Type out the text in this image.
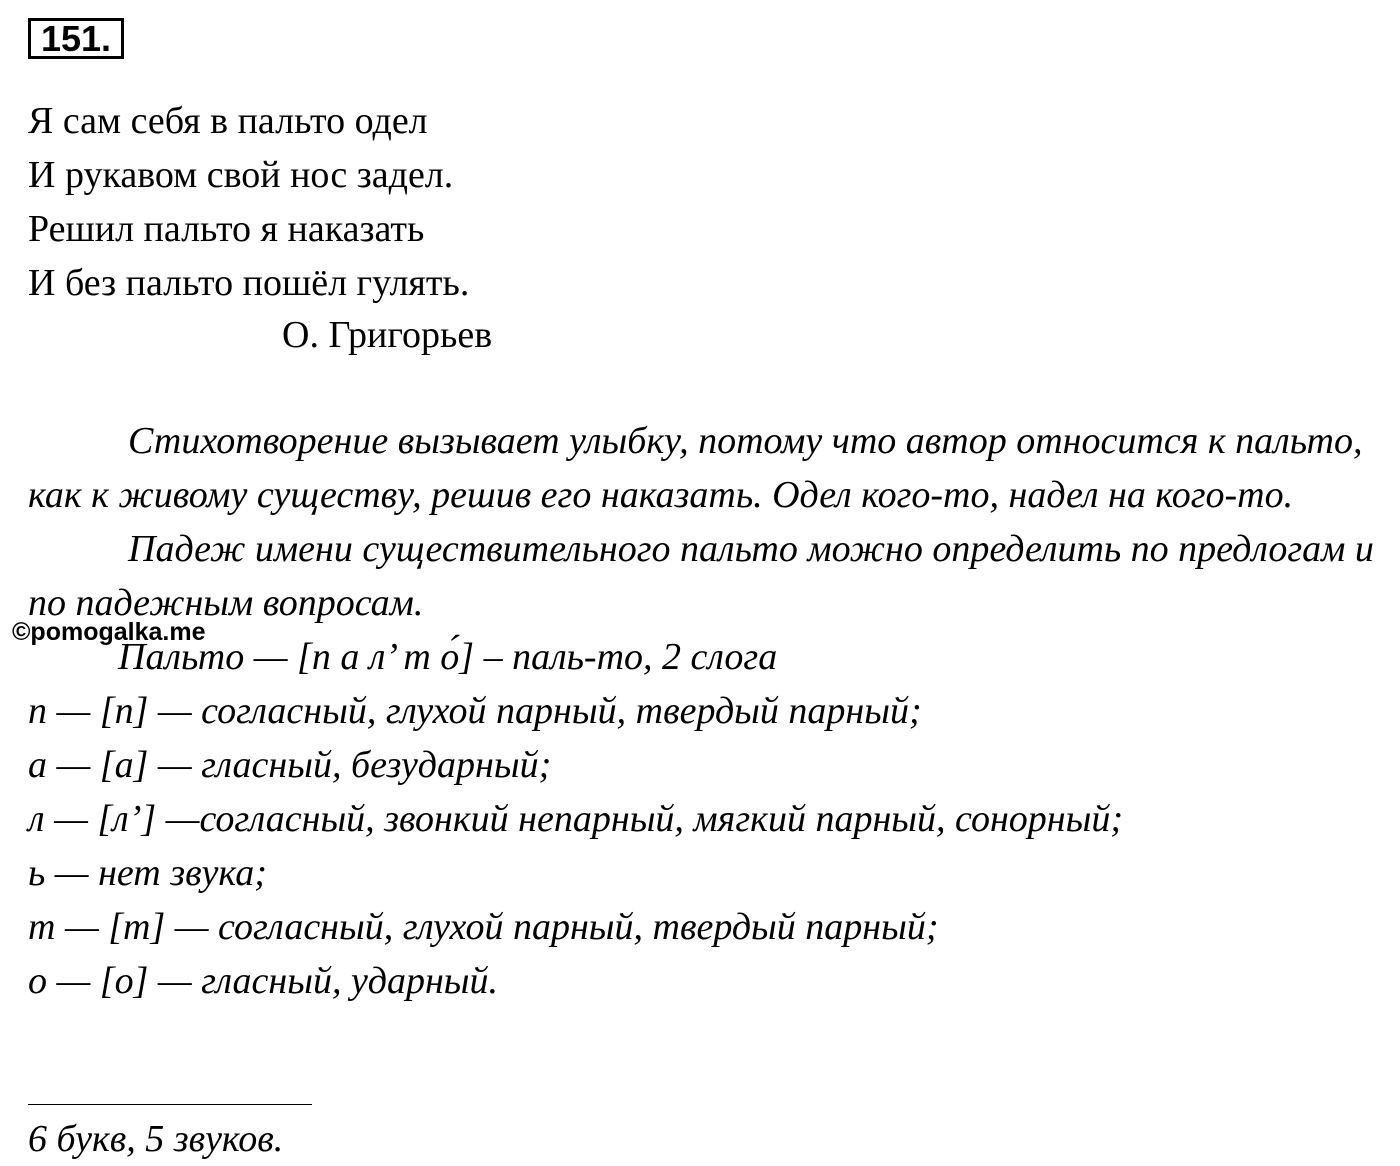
151.
Я сам себя в пальто одел
И рукавом свой нос задел.
Решил пальто я наказать
И без пальто пошёл гулять.
О. Григорьев

Стихотворение вызывает улыбку, потому что автор относится к пальто, как к живому существу, решив его наказать. Одел кого-то, надел на кого-то.

Падеж имени существительного пальто можно определить по предлогам и по падежным вопросам.

Пальто — [п а л’ т о́] – паль-то, 2 слога
п — [п] — согласный, глухой парный, твердый парный;
а — [а] — гласный, безударный;
л — [л’] —согласный, звонкий непарный, мягкий парный, сонорный;
ь — нет звука;
т — [т] — согласный, глухой парный, твердый парный;
о — [о] — гласный, ударный.
©pomogalka.me
6 букв, 5 звуков.
